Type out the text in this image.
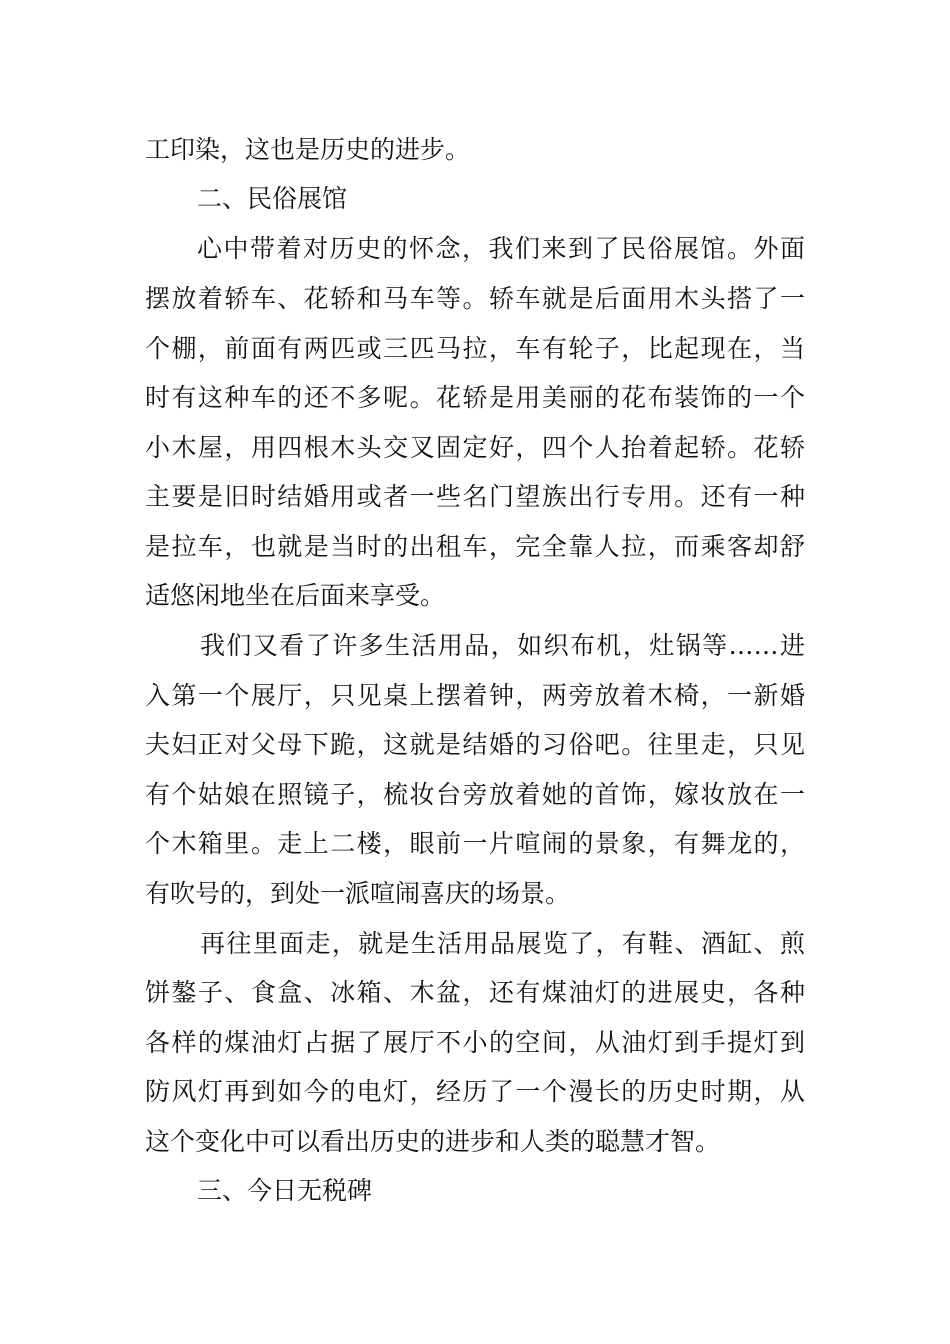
工印染，这也是历史的进步。

二、民俗展馆

心中带着对历史的怀念，我们来到了民俗展馆。外面

摆放着轿车、花轿和马车等。轿车就是后面用木头搭了一

个棚，前面有两匹或三匹马拉，车有轮子，比起现在，当

时有这种车的还不多呢。花轿是用美丽的花布装饰的一个

小木屋，用四根木头交叉固定好，四个人抬着起轿。花轿

主要是旧时结婚用或者一些名门望族出行专用。还有一种

是拉车，也就是当时的出租车，完全靠人拉，而乘客却舒

适悠闲地坐在后面来享受。

我们又看了许多生活用品，如织布机，灶锅等……进

入第一个展厅，只见桌上摆着钟，两旁放着木椅，一新婚

夫妇正对父母下跪，这就是结婚的习俗吧。往里走，只见

有个姑娘在照镜子，梳妆台旁放着她的首饰，嫁妆放在一

个木箱里。走上二楼，眼前一片喧闹的景象，有舞龙的，

有吹号的，到处一派喧闹喜庆的场景。

再往里面走，就是生活用品展览了，有鞋、酒缸、煎

饼鏊子、食盒、冰箱、木盆，还有煤油灯的进展史，各种

各样的煤油灯占据了展厅不小的空间，从油灯到手提灯到

防风灯再到如今的电灯，经历了一个漫长的历史时期，从

这个变化中可以看出历史的进步和人类的聪慧才智。

三、今日无税碑
